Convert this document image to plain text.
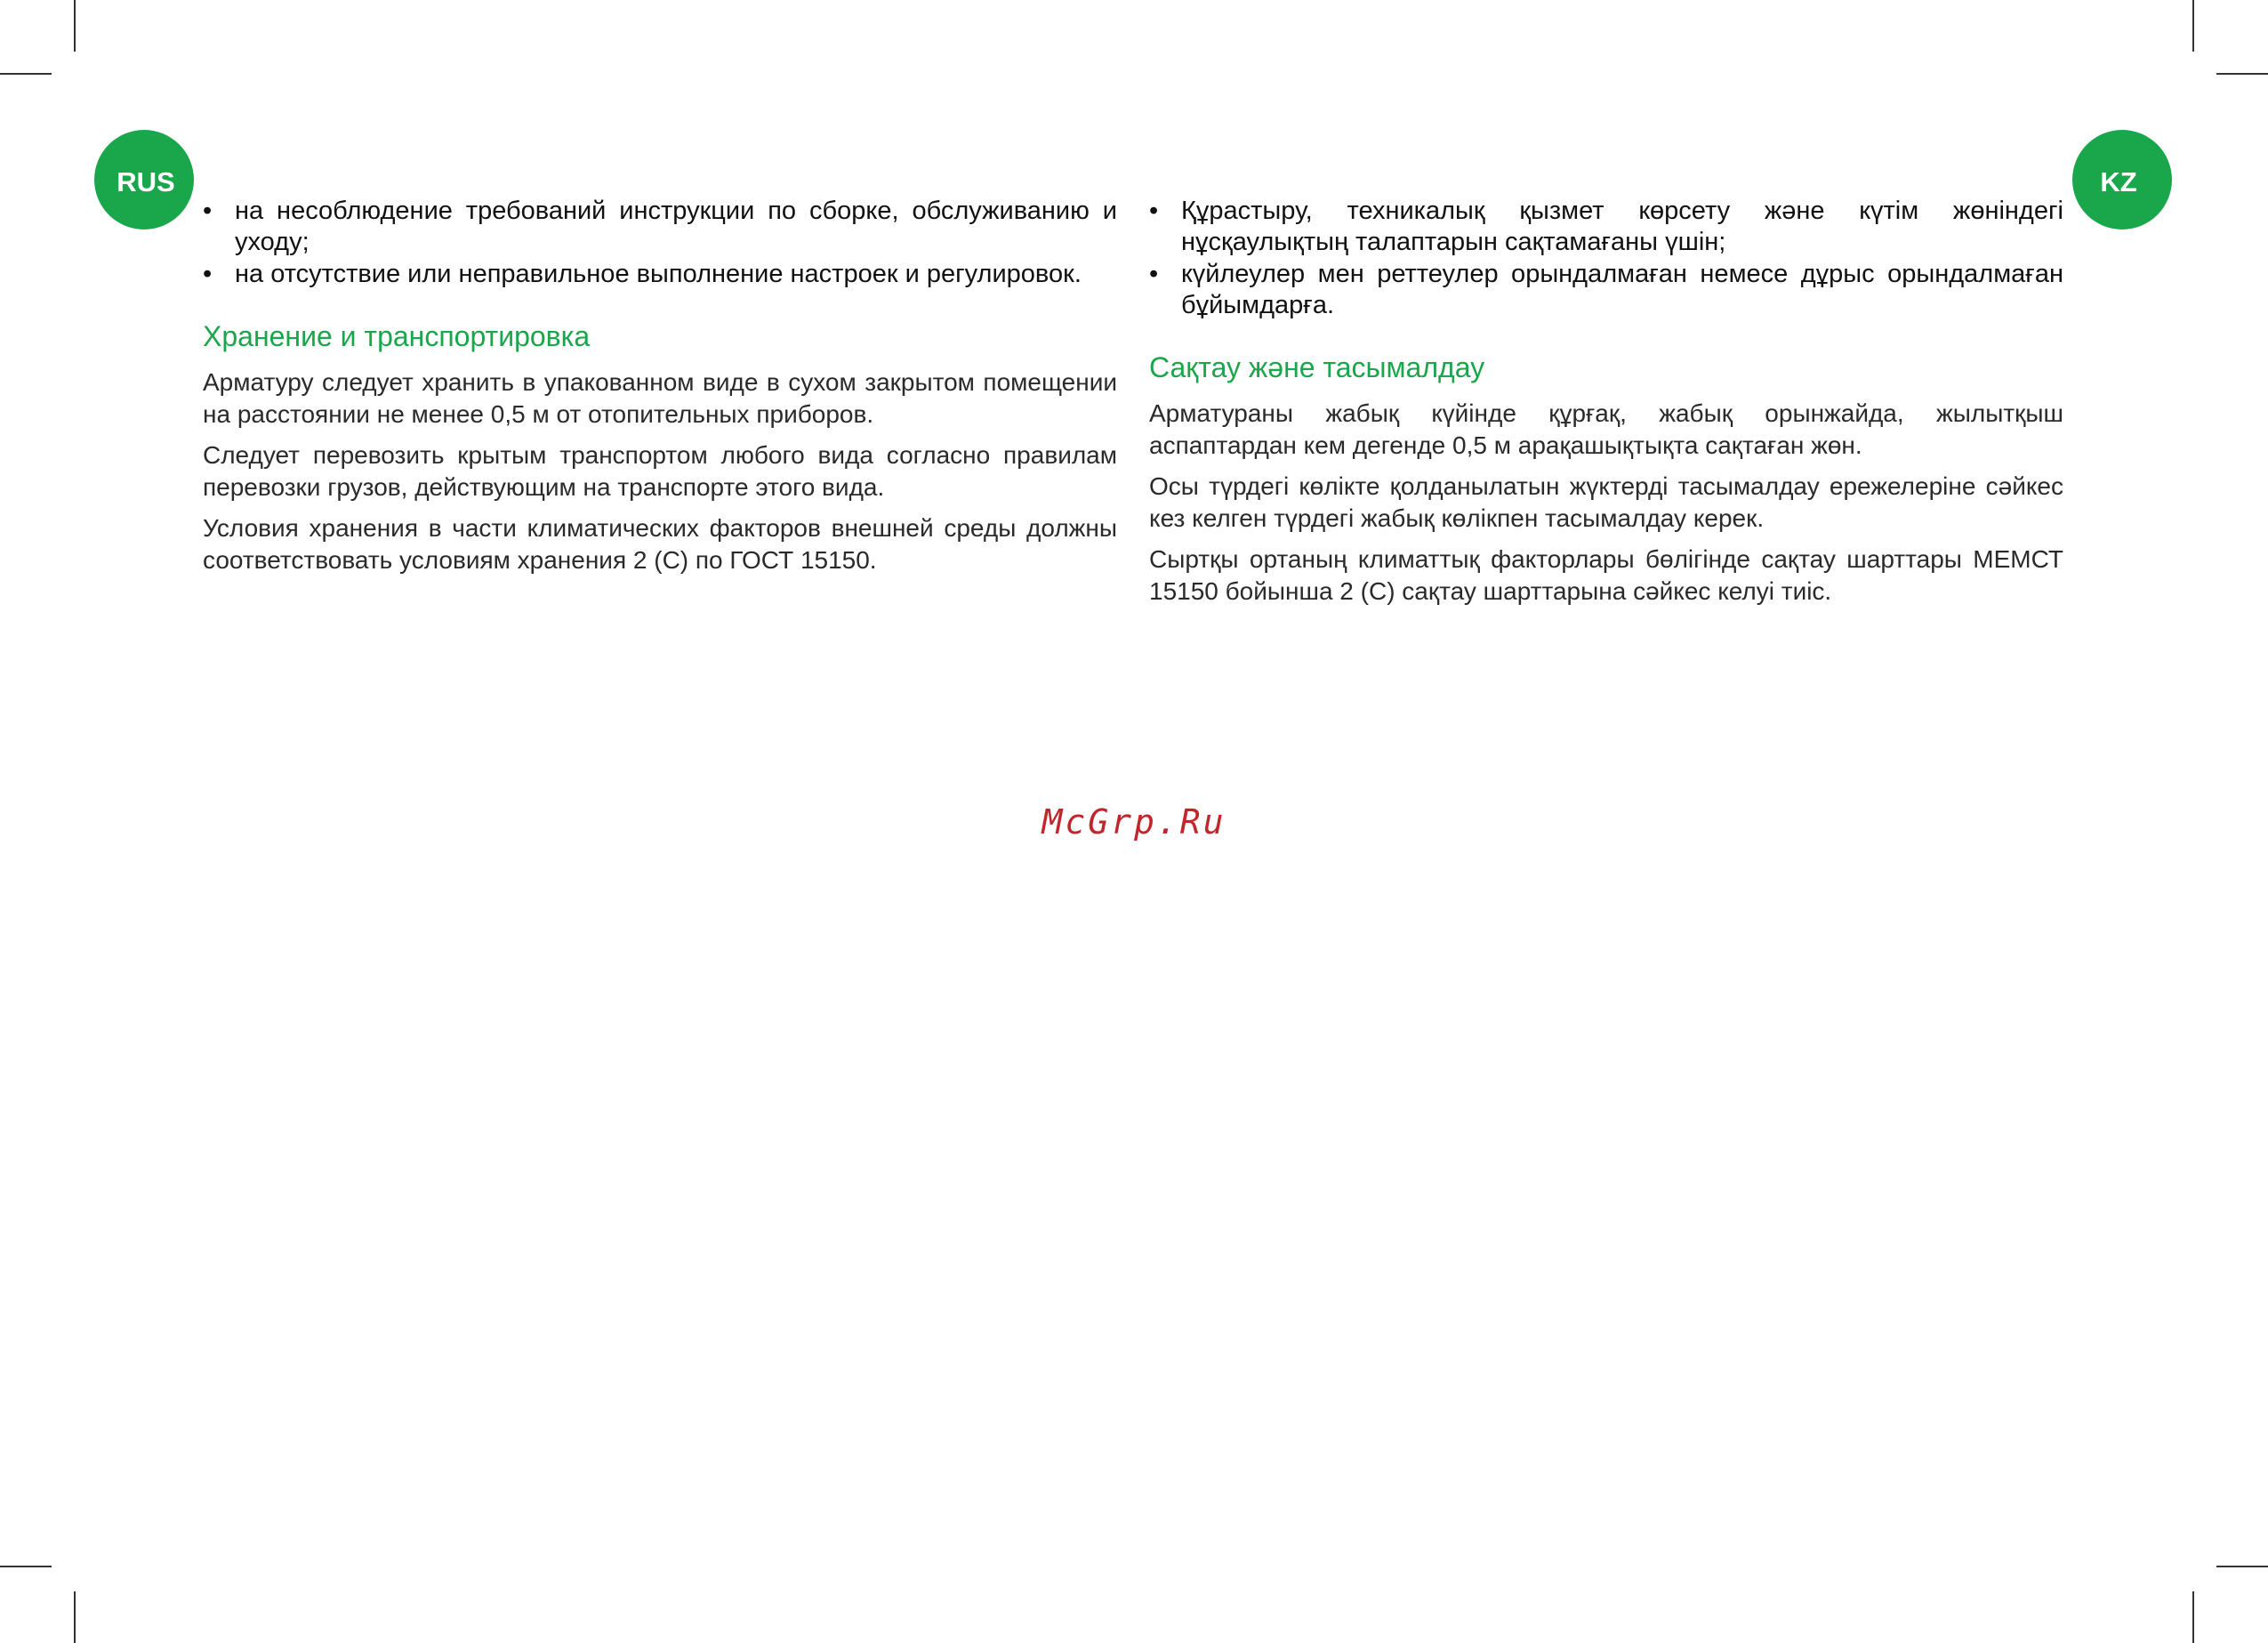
RUS	KZ
• на несоблюдение требований инструкции по сборке, обслуживанию и уходу;
• на отсутствие или неправильное выполнение настроек и регулировок.
Хранение и транспортировка

Арматуру следует хранить в упакованном виде в сухом закрытом помещении на расстоянии не менее 0,5 м от отопительных приборов.

Следует перевозить крытым транспортом любого вида согласно правилам перевозки грузов, действующим на транспорте этого вида.

Условия хранения в части климатических факторов внешней среды должны соответствовать условиям хранения 2 (С) по ГОСТ 15150.

• Құрастыру, техникалық қызмет көрсету және күтім жөніндегі нұсқаулықтың талаптарын сақтамағаны үшін;
• күйлеулер мен реттеулер орындалмаған немесе дұрыс орындалмаған бұйымдарға.
Сақтау және тасымалдау

Арматураны жабық күйінде құрғақ, жабық орынжайда, жылытқыш аспаптардан кем дегенде 0,5 м арақашықтықта сақтаған жөн.

Осы түрдегі көлікте қолданылатын жүктерді тасымалдау ережелеріне сәйкес кез келген түрдегі жабық көлікпен тасымалдау керек.

Сыртқы ортаның климаттық факторлары бөлігінде сақтау шарттары МЕМСТ 15150 бойынша 2 (С) сақтау шарттарына сәйкес келуі тиіс.

McGrp.Ru
